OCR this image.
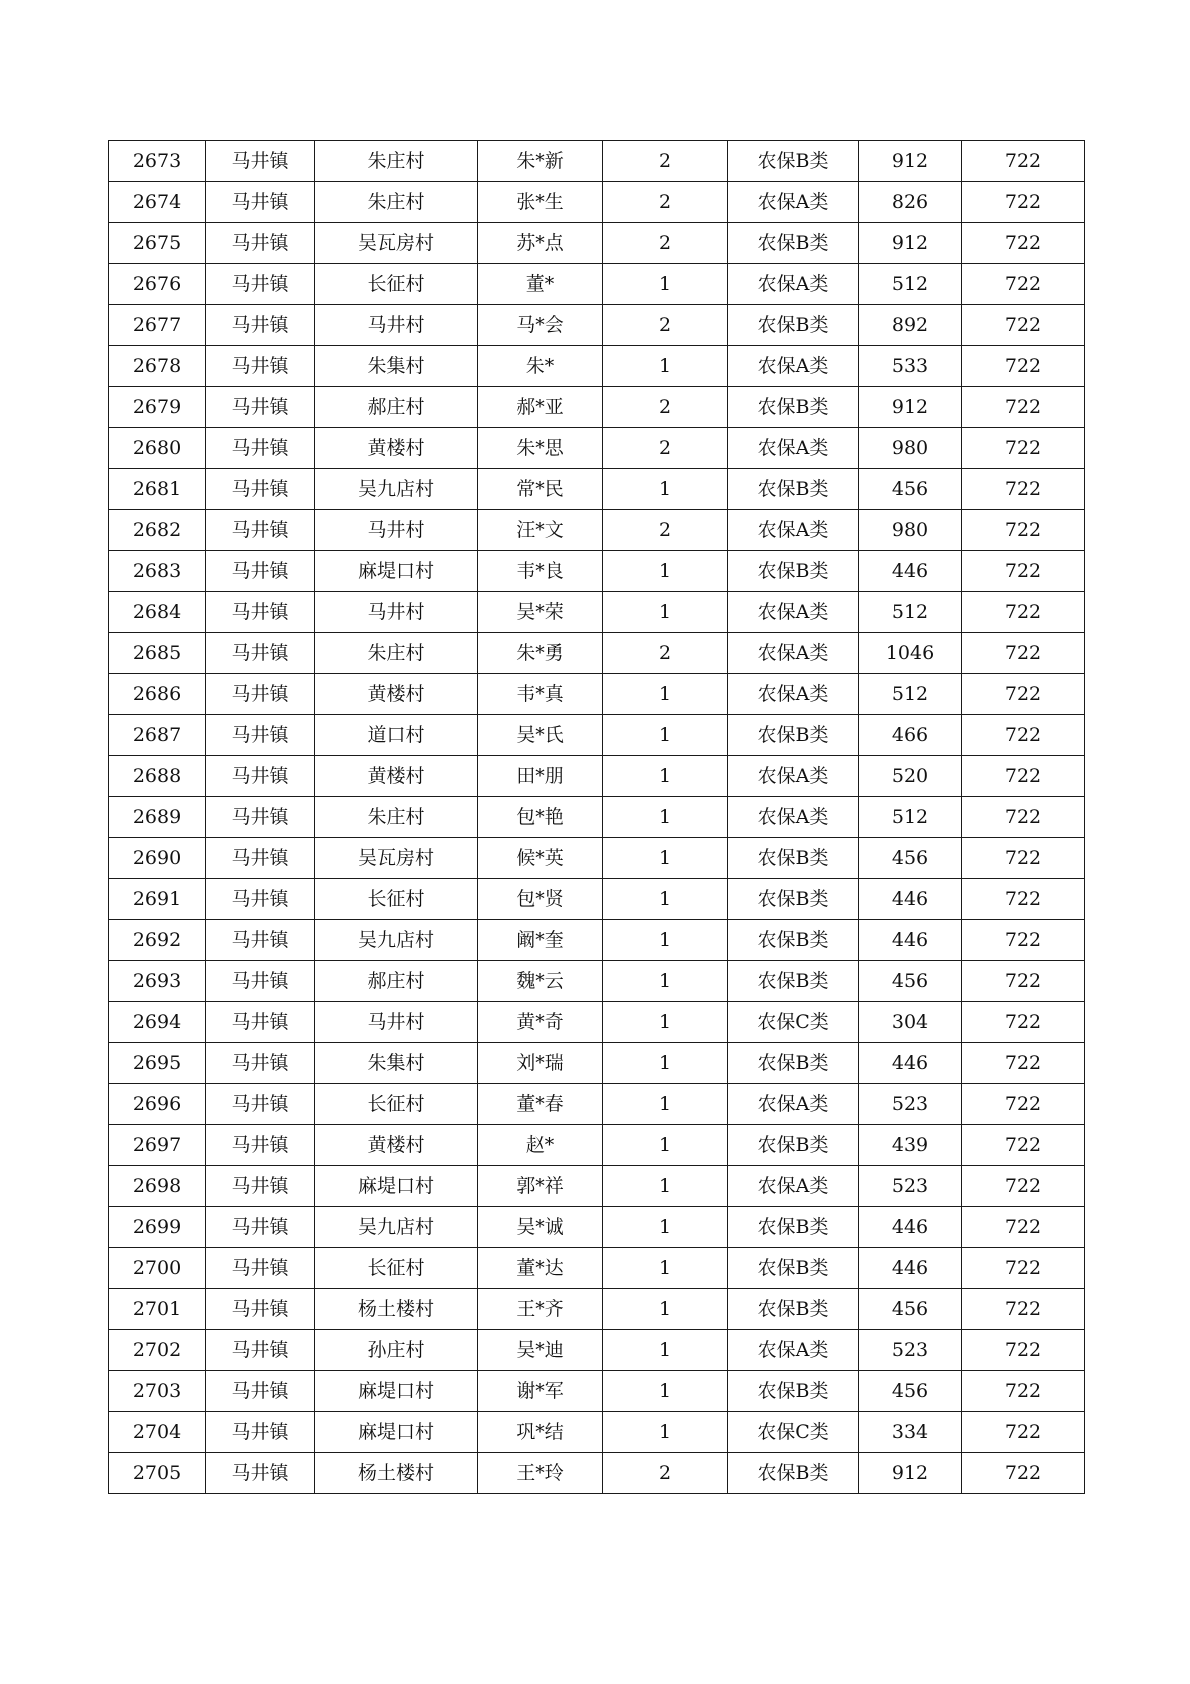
2673	马井镇	朱庄村	朱*新	2	农保B类	912	722
2674	马井镇	朱庄村	张*生	2	农保A类	826	722
2675	马井镇	吴瓦房村	苏*点	2	农保B类	912	722
2676	马井镇	长征村	董*	1	农保A类	512	722
2677	马井镇	马井村	马*会	2	农保B类	892	722
2678	马井镇	朱集村	朱*	1	农保A类	533	722
2679	马井镇	郝庄村	郝*亚	2	农保B类	912	722
2680	马井镇	黄楼村	朱*思	2	农保A类	980	722
2681	马井镇	吴九店村	常*民	1	农保B类	456	722
2682	马井镇	马井村	汪*文	2	农保A类	980	722
2683	马井镇	麻堤口村	韦*良	1	农保B类	446	722
2684	马井镇	马井村	吴*荣	1	农保A类	512	722
2685	马井镇	朱庄村	朱*勇	2	农保A类	1046	722
2686	马井镇	黄楼村	韦*真	1	农保A类	512	722
2687	马井镇	道口村	吴*氏	1	农保B类	466	722
2688	马井镇	黄楼村	田*朋	1	农保A类	520	722
2689	马井镇	朱庄村	包*艳	1	农保A类	512	722
2690	马井镇	吴瓦房村	候*英	1	农保B类	456	722
2691	马井镇	长征村	包*贤	1	农保B类	446	722
2692	马井镇	吴九店村	阚*奎	1	农保B类	446	722
2693	马井镇	郝庄村	魏*云	1	农保B类	456	722
2694	马井镇	马井村	黄*奇	1	农保C类	304	722
2695	马井镇	朱集村	刘*瑞	1	农保B类	446	722
2696	马井镇	长征村	董*春	1	农保A类	523	722
2697	马井镇	黄楼村	赵*	1	农保B类	439	722
2698	马井镇	麻堤口村	郭*祥	1	农保A类	523	722
2699	马井镇	吴九店村	吴*诚	1	农保B类	446	722
2700	马井镇	长征村	董*达	1	农保B类	446	722
2701	马井镇	杨土楼村	王*齐	1	农保B类	456	722
2702	马井镇	孙庄村	吴*迪	1	农保A类	523	722
2703	马井镇	麻堤口村	谢*军	1	农保B类	456	722
2704	马井镇	麻堤口村	巩*结	1	农保C类	334	722
2705	马井镇	杨土楼村	王*玲	2	农保B类	912	722
